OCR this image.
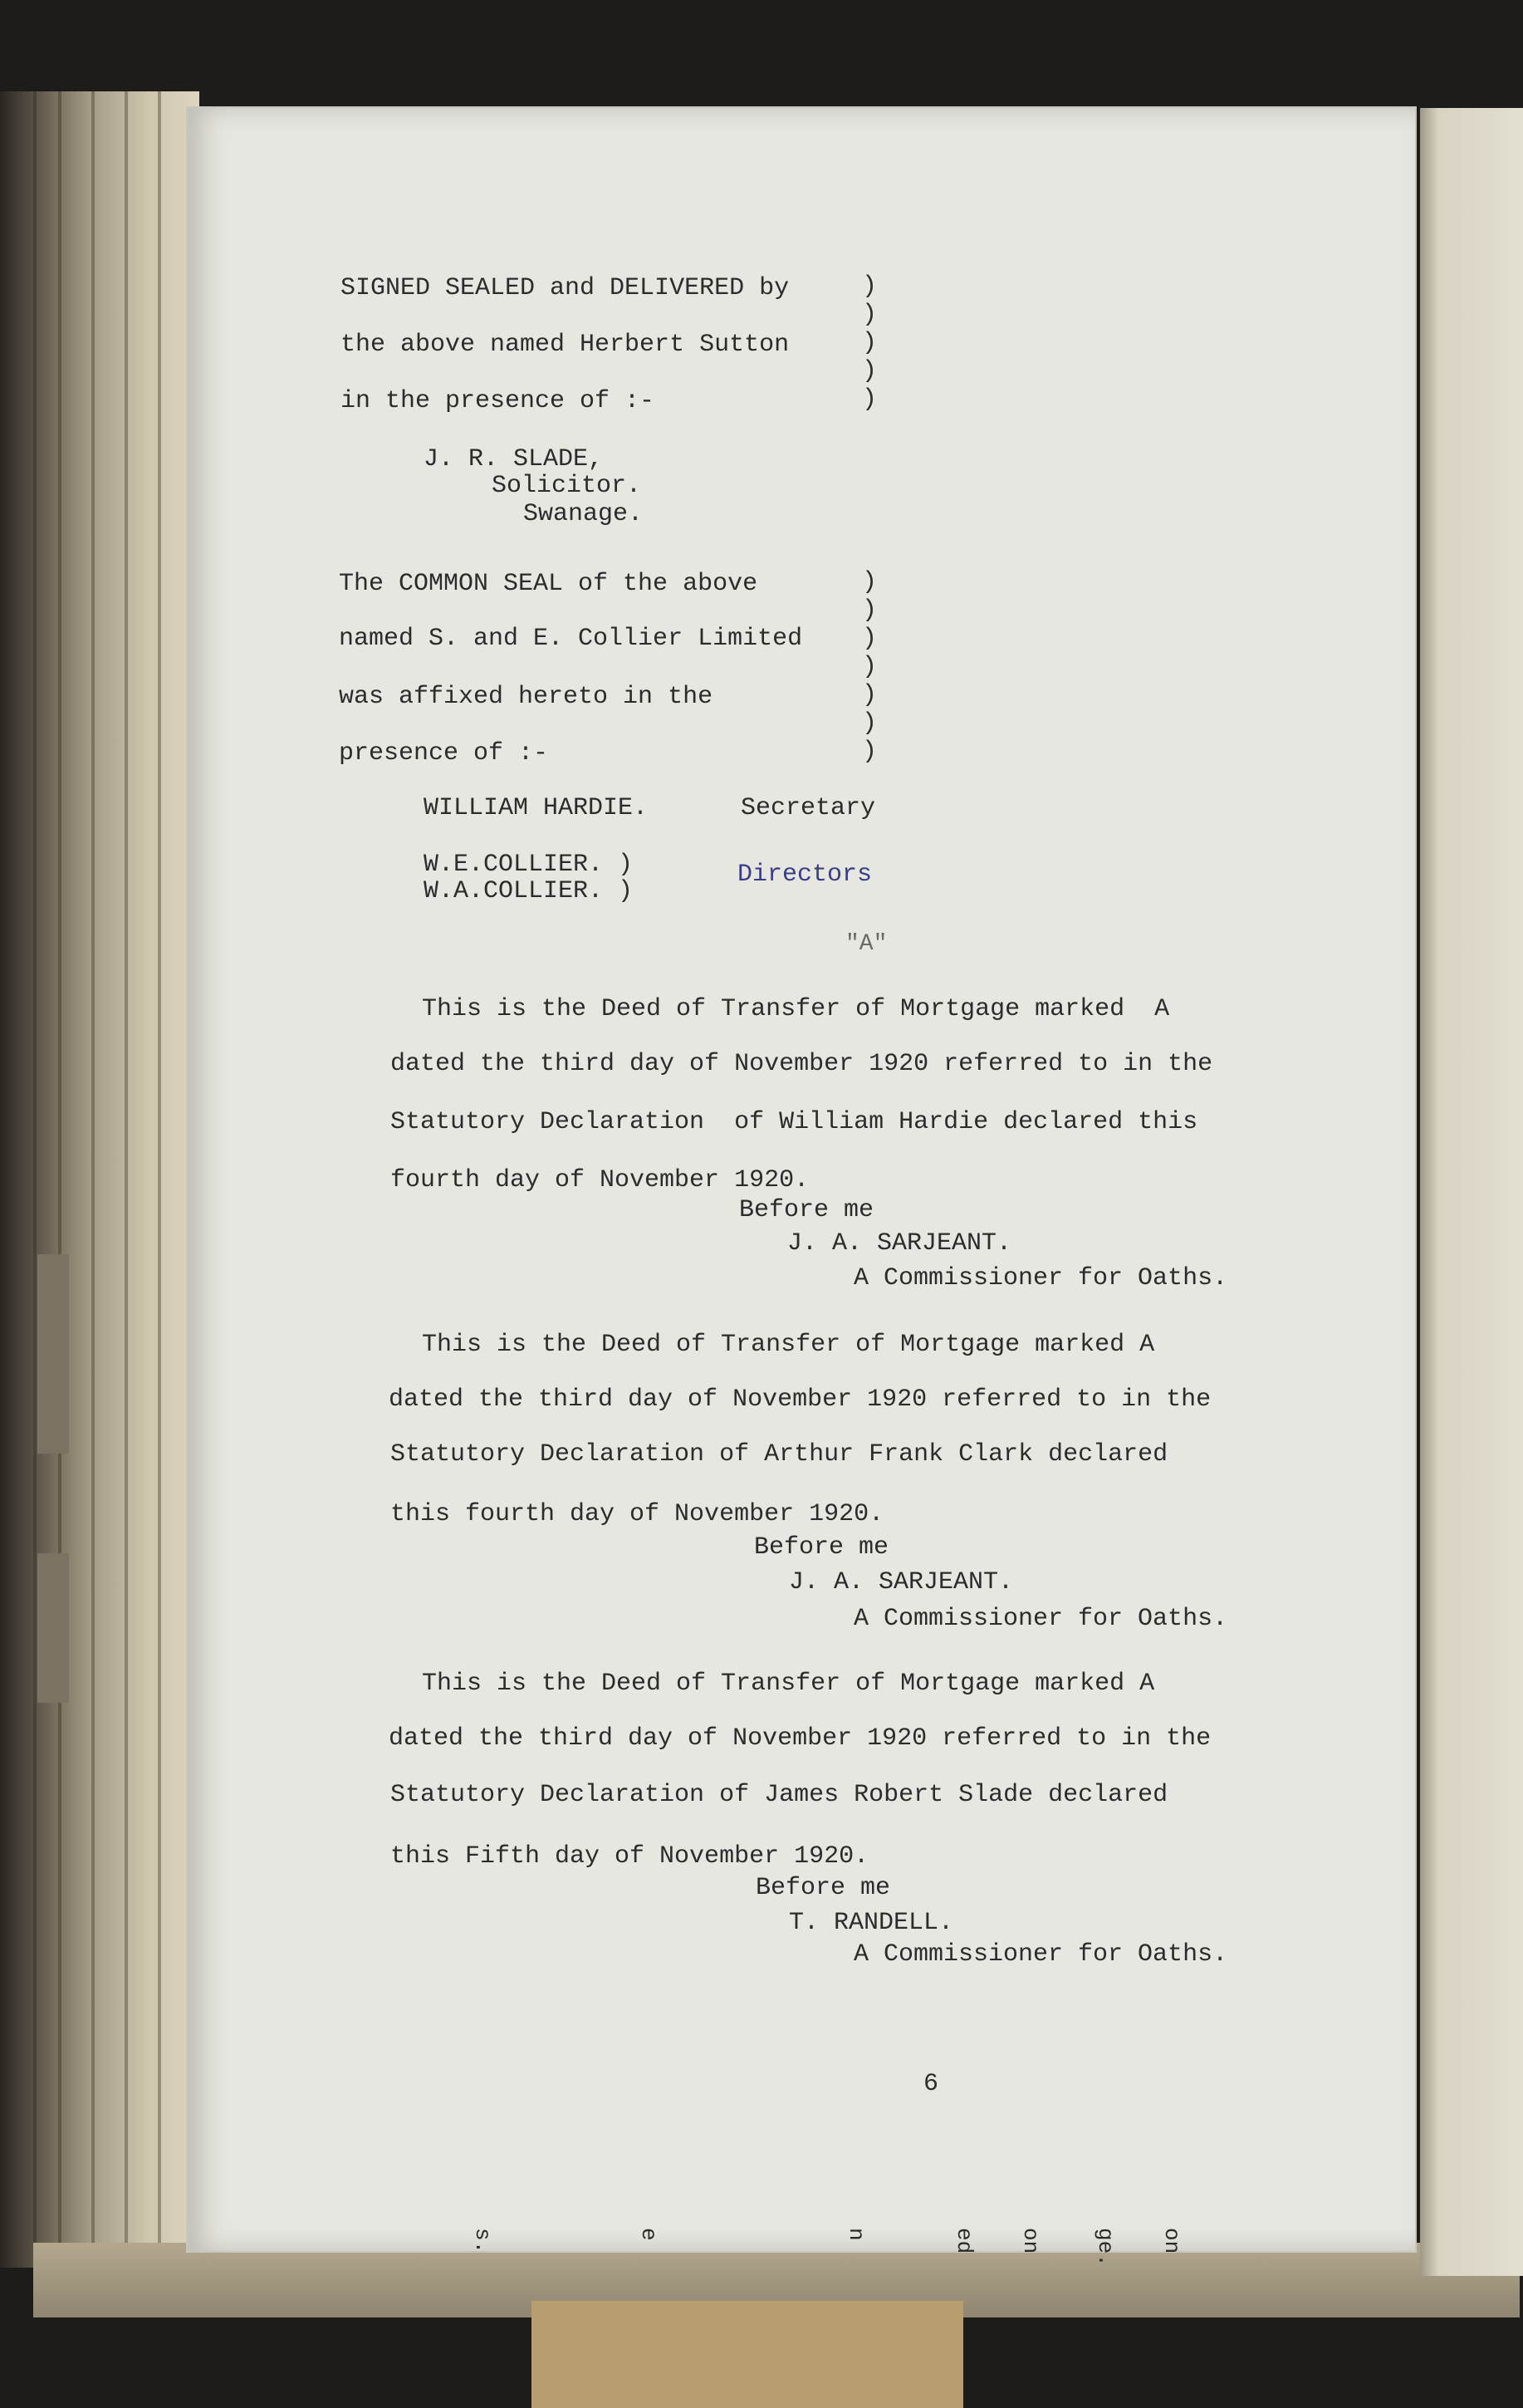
SIGNED SEALED and DELIVERED by
the above named Herbert Sutton
in the presence of :-
)
)
)
)
)
J. R. SLADE,
Solicitor.
Swanage.
The COMMON SEAL of the above
named S. and E. Collier Limited
was affixed hereto in the
presence of :-
)
)
)
)
)
)
)
WILLIAM HARDIE.	Secretary
W.E.COLLIER. )
W.A.COLLIER. )
Directors
"A"
This is the Deed of Transfer of Mortgage marked  A
dated the third day of November 1920 referred to in the
Statutory Declaration  of William Hardie declared this
fourth day of November 1920.
Before me
J. A. SARJEANT.
A Commissioner for Oaths.
This is the Deed of Transfer of Mortgage marked A
dated the third day of November 1920 referred to in the
Statutory Declaration of Arthur Frank Clark declared
this fourth day of November 1920.
Before me
J. A. SARJEANT.
A Commissioner for Oaths.
This is the Deed of Transfer of Mortgage marked A
dated the third day of November 1920 referred to in the
Statutory Declaration of James Robert Slade declared
this Fifth day of November 1920.
Before me
T. RANDELL.
A Commissioner for Oaths.
6
s.	e	n	ed on ge. on
